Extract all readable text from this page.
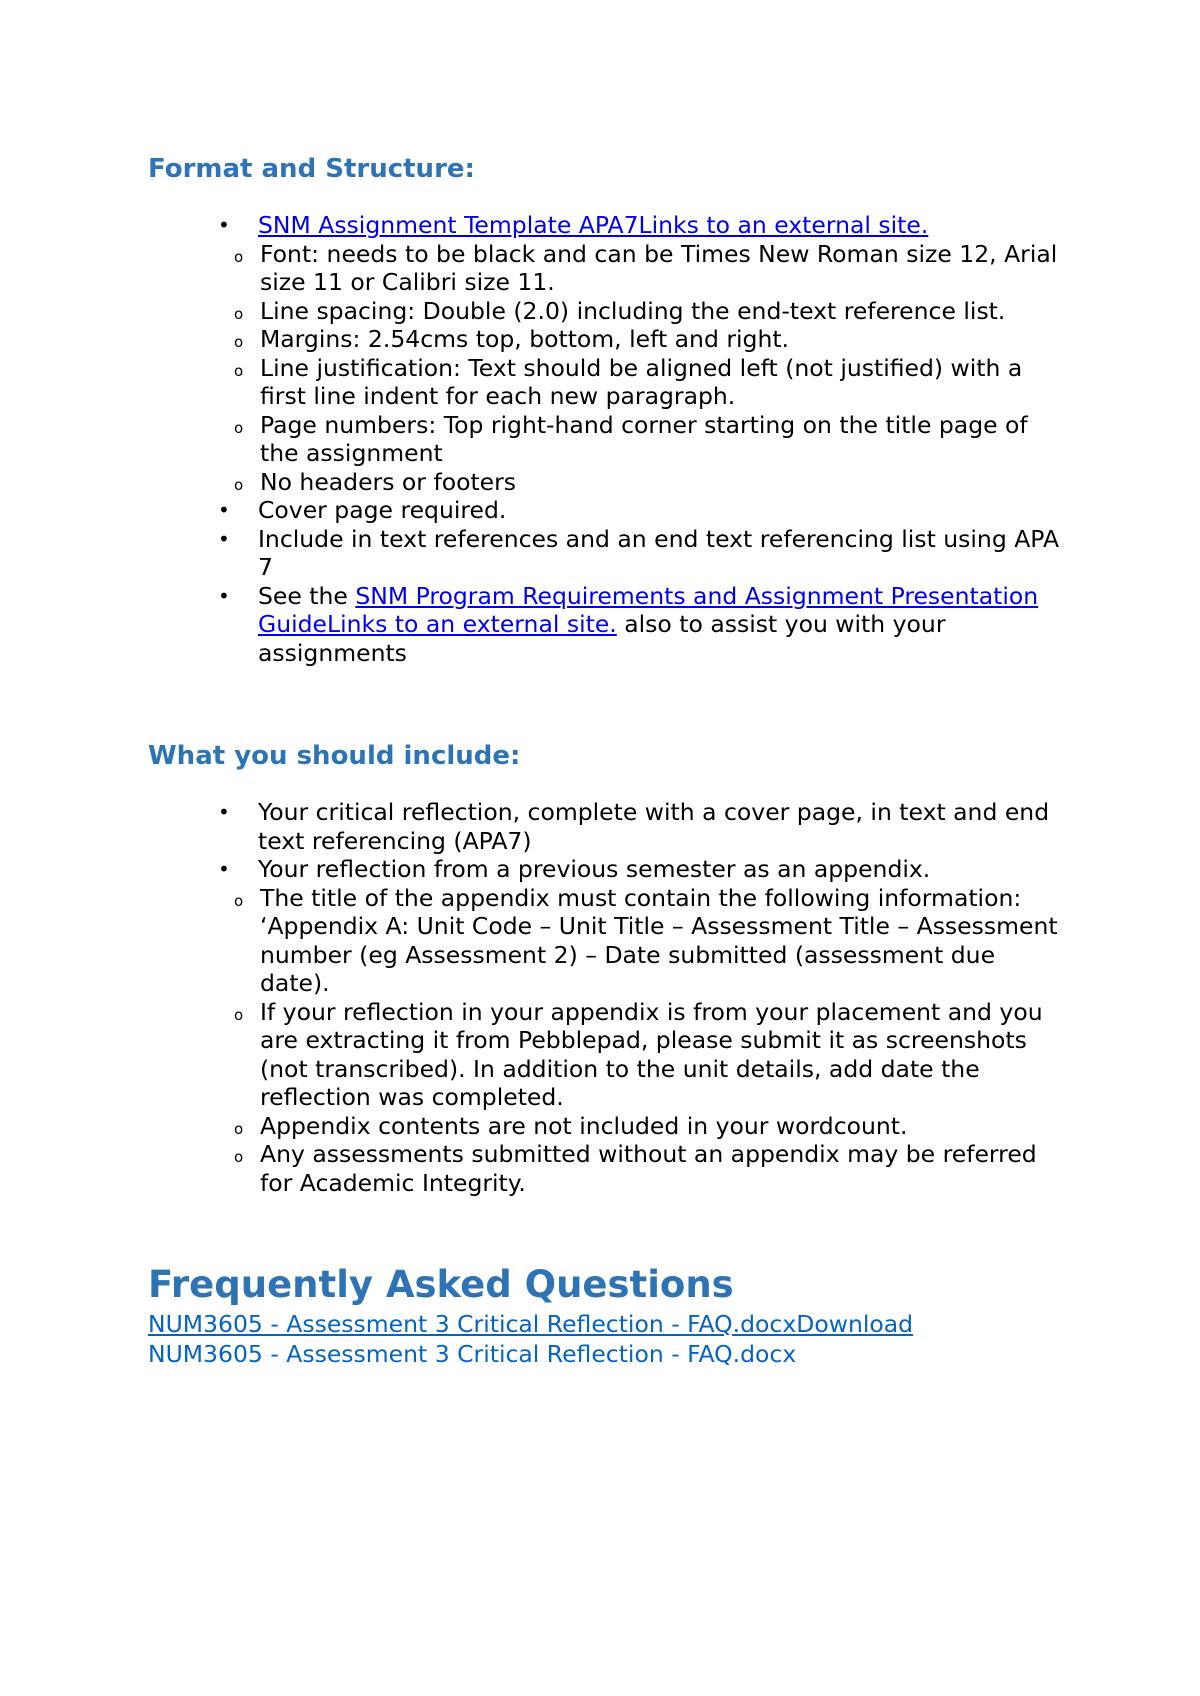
Format and Structure:
• SNM Assignment Template APA7Links to an external site.
o Font: needs to be black and can be Times New Roman size 12, Arial size 11 or Calibri size 11.
o Line spacing: Double (2.0) including the end-text reference list.
o Margins: 2.54cms top, bottom, left and right.
o Line justification: Text should be aligned left (not justified) with a first line indent for each new paragraph.
o Page numbers: Top right-hand corner starting on the title page of the assignment
o No headers or footers
• Cover page required.
• Include in text references and an end text referencing list using APA 7
• See the SNM Program Requirements and Assignment Presentation GuideLinks to an external site. also to assist you with your assignments
What you should include:
• Your critical reflection, complete with a cover page, in text and end text referencing (APA7)
• Your reflection from a previous semester as an appendix.
o The title of the appendix must contain the following information: ‘Appendix A: Unit Code – Unit Title – Assessment Title – Assessment number (eg Assessment 2) – Date submitted (assessment due date).
o If your reflection in your appendix is from your placement and you are extracting it from Pebblepad, please submit it as screenshots (not transcribed). In addition to the unit details, add date the reflection was completed.
o Appendix contents are not included in your wordcount.
o Any assessments submitted without an appendix may be referred for Academic Integrity.
Frequently Asked Questions
NUM3605 - Assessment 3 Critical Reflection - FAQ.docxDownload
NUM3605 - Assessment 3 Critical Reflection - FAQ.docx
